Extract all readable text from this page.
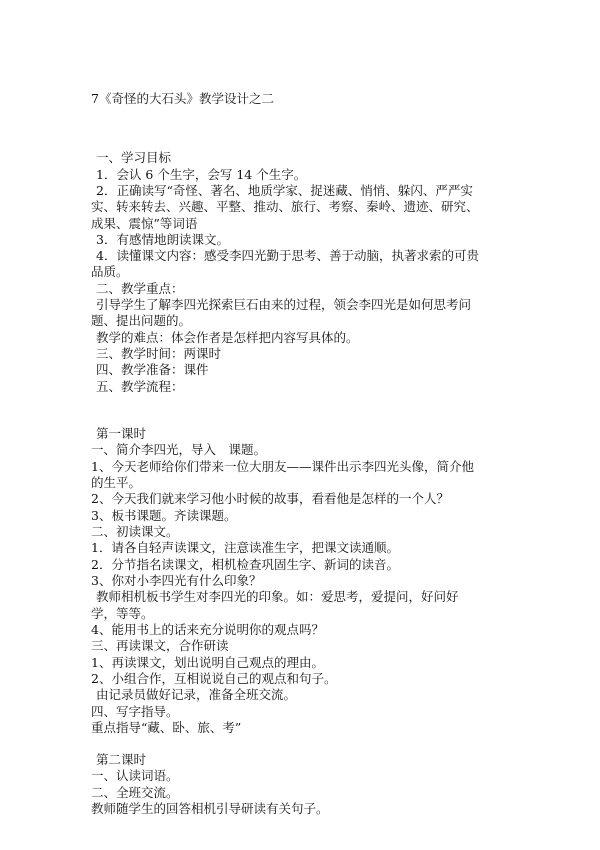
7《奇怪的大石头》教学设计之二
一、学习目标
1．会认 6 个生字，会写 14 个生字。
2．正确读写“奇怪、著名、地质学家、捉迷藏、悄悄、躲闪、严严实
实、转来转去、兴趣、平整、推动、旅行、考察、秦岭、遗迹、研究、
成果、震惊”等词语
3．有感情地朗读课文。
4．读懂课文内容：感受李四光勤于思考、善于动脑，执著求索的可贵
品质。
二、教学重点：
引导学生了解李四光探索巨石由来的过程，领会李四光是如何思考问
题、提出问题的。
教学的难点：体会作者是怎样把内容写具体的。
三、教学时间：两课时
四、教学准备：课件
五、教学流程：
第一课时
一、简介李四光，导入　课题。
1、今天老师给你们带来一位大朋友——课件出示李四光头像，简介他
的生平。
2、今天我们就来学习他小时候的故事，看看他是怎样的一个人？
3、板书课题。齐读课题。
二、初读课文。
1．请各自轻声读课文，注意读准生字，把课文读通顺。
2．分节指名读课文，相机检查巩固生字、新词的读音。
3、你对小李四光有什么印象？
教师相机板书学生对李四光的印象。如：爱思考，爱提问，好问好
学，等等。
4、能用书上的话来充分说明你的观点吗？
三、再读课文，合作研读
1、再读课文，划出说明自己观点的理由。
2、小组合作，互相说说自己的观点和句子。
由记录员做好记录，准备全班交流。
四、写字指导。
重点指导“藏、卧、旅、考”
第二课时
一、认读词语。
二、全班交流。
教师随学生的回答相机引导研读有关句子。
